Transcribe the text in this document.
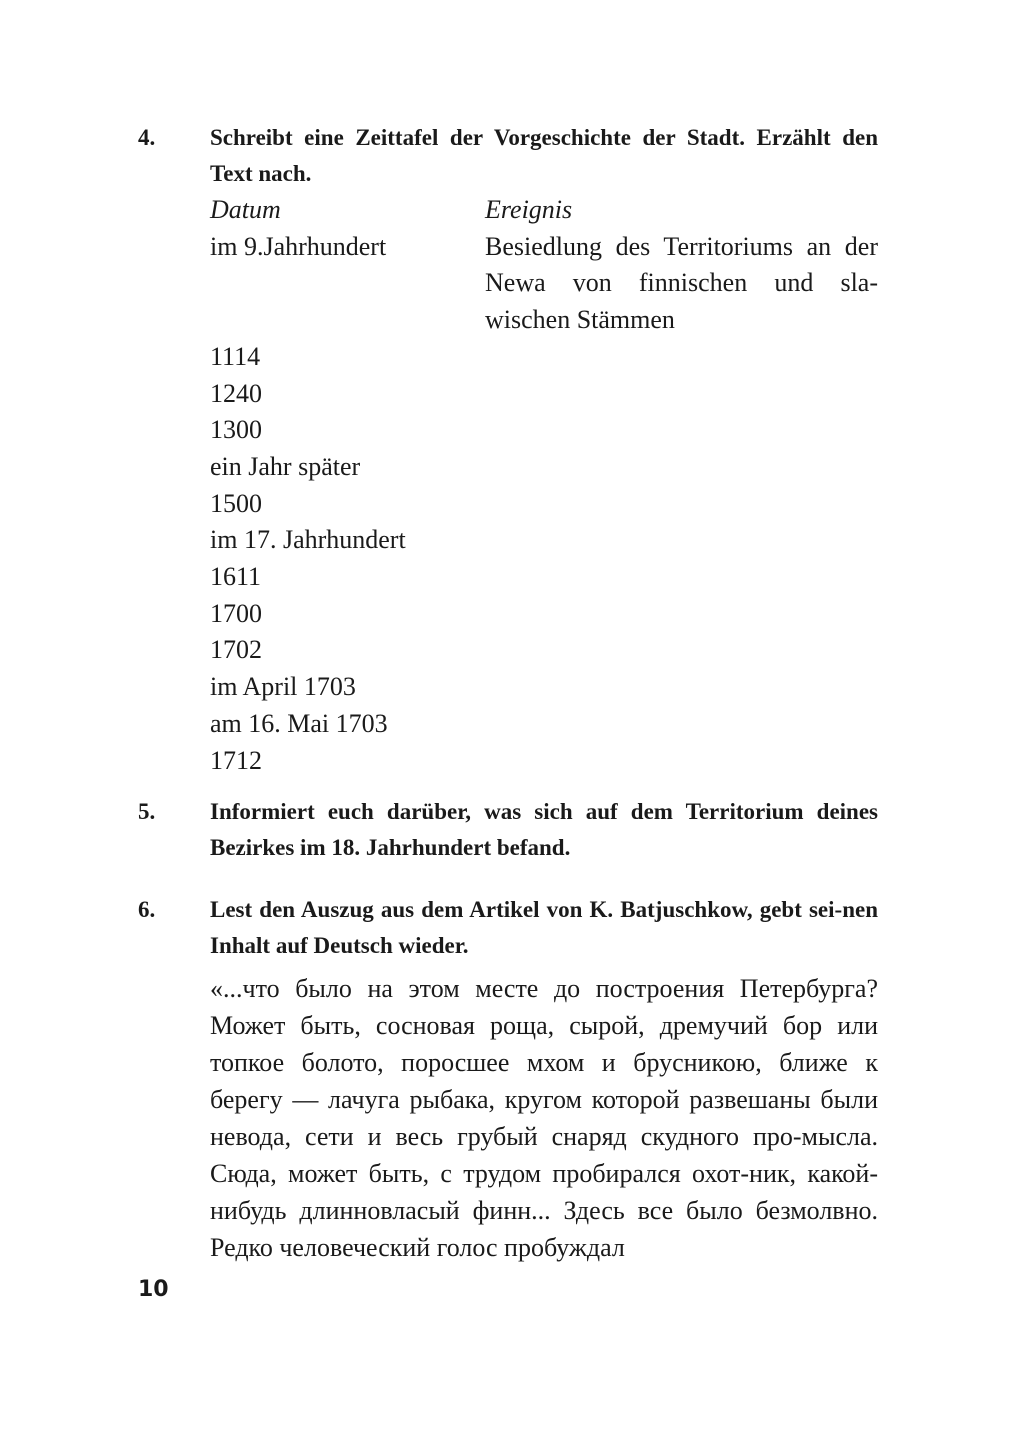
4. Schreibt eine Zeittafel der Vorgeschichte der Stadt. Erzählt den Text nach.
Datum	Ereignis
im 9.Jahrhundert	Besiedlung des Territoriums an der Newa von finnischen und sla-wischen Stämmen
1114
1240
1300
ein Jahr später
1500
im 17. Jahrhundert
1611
1700
1702
im April 1703
am 16. Mai 1703
1712
5. Informiert euch darüber, was sich auf dem Territorium deines Bezirkes im 18. Jahrhundert befand.
6. Lest den Auszug aus dem Artikel von K. Batjuschkow, gebt sei-nen Inhalt auf Deutsch wieder.
«...что было на этом месте до построения Петербурга? Может быть, сосновая роща, сырой, дремучий бор или топкое болото, поросшее мхом и брусникою, ближе к берегу — лачуга рыбака, кругом которой развешаны были невода, сети и весь грубый снаряд скудного про-мысла. Сюда, может быть, с трудом пробирался охот-ник, какой-нибудь длинновласый финн... Здесь все было безмолвно. Редко человеческий голос пробуждал
10
